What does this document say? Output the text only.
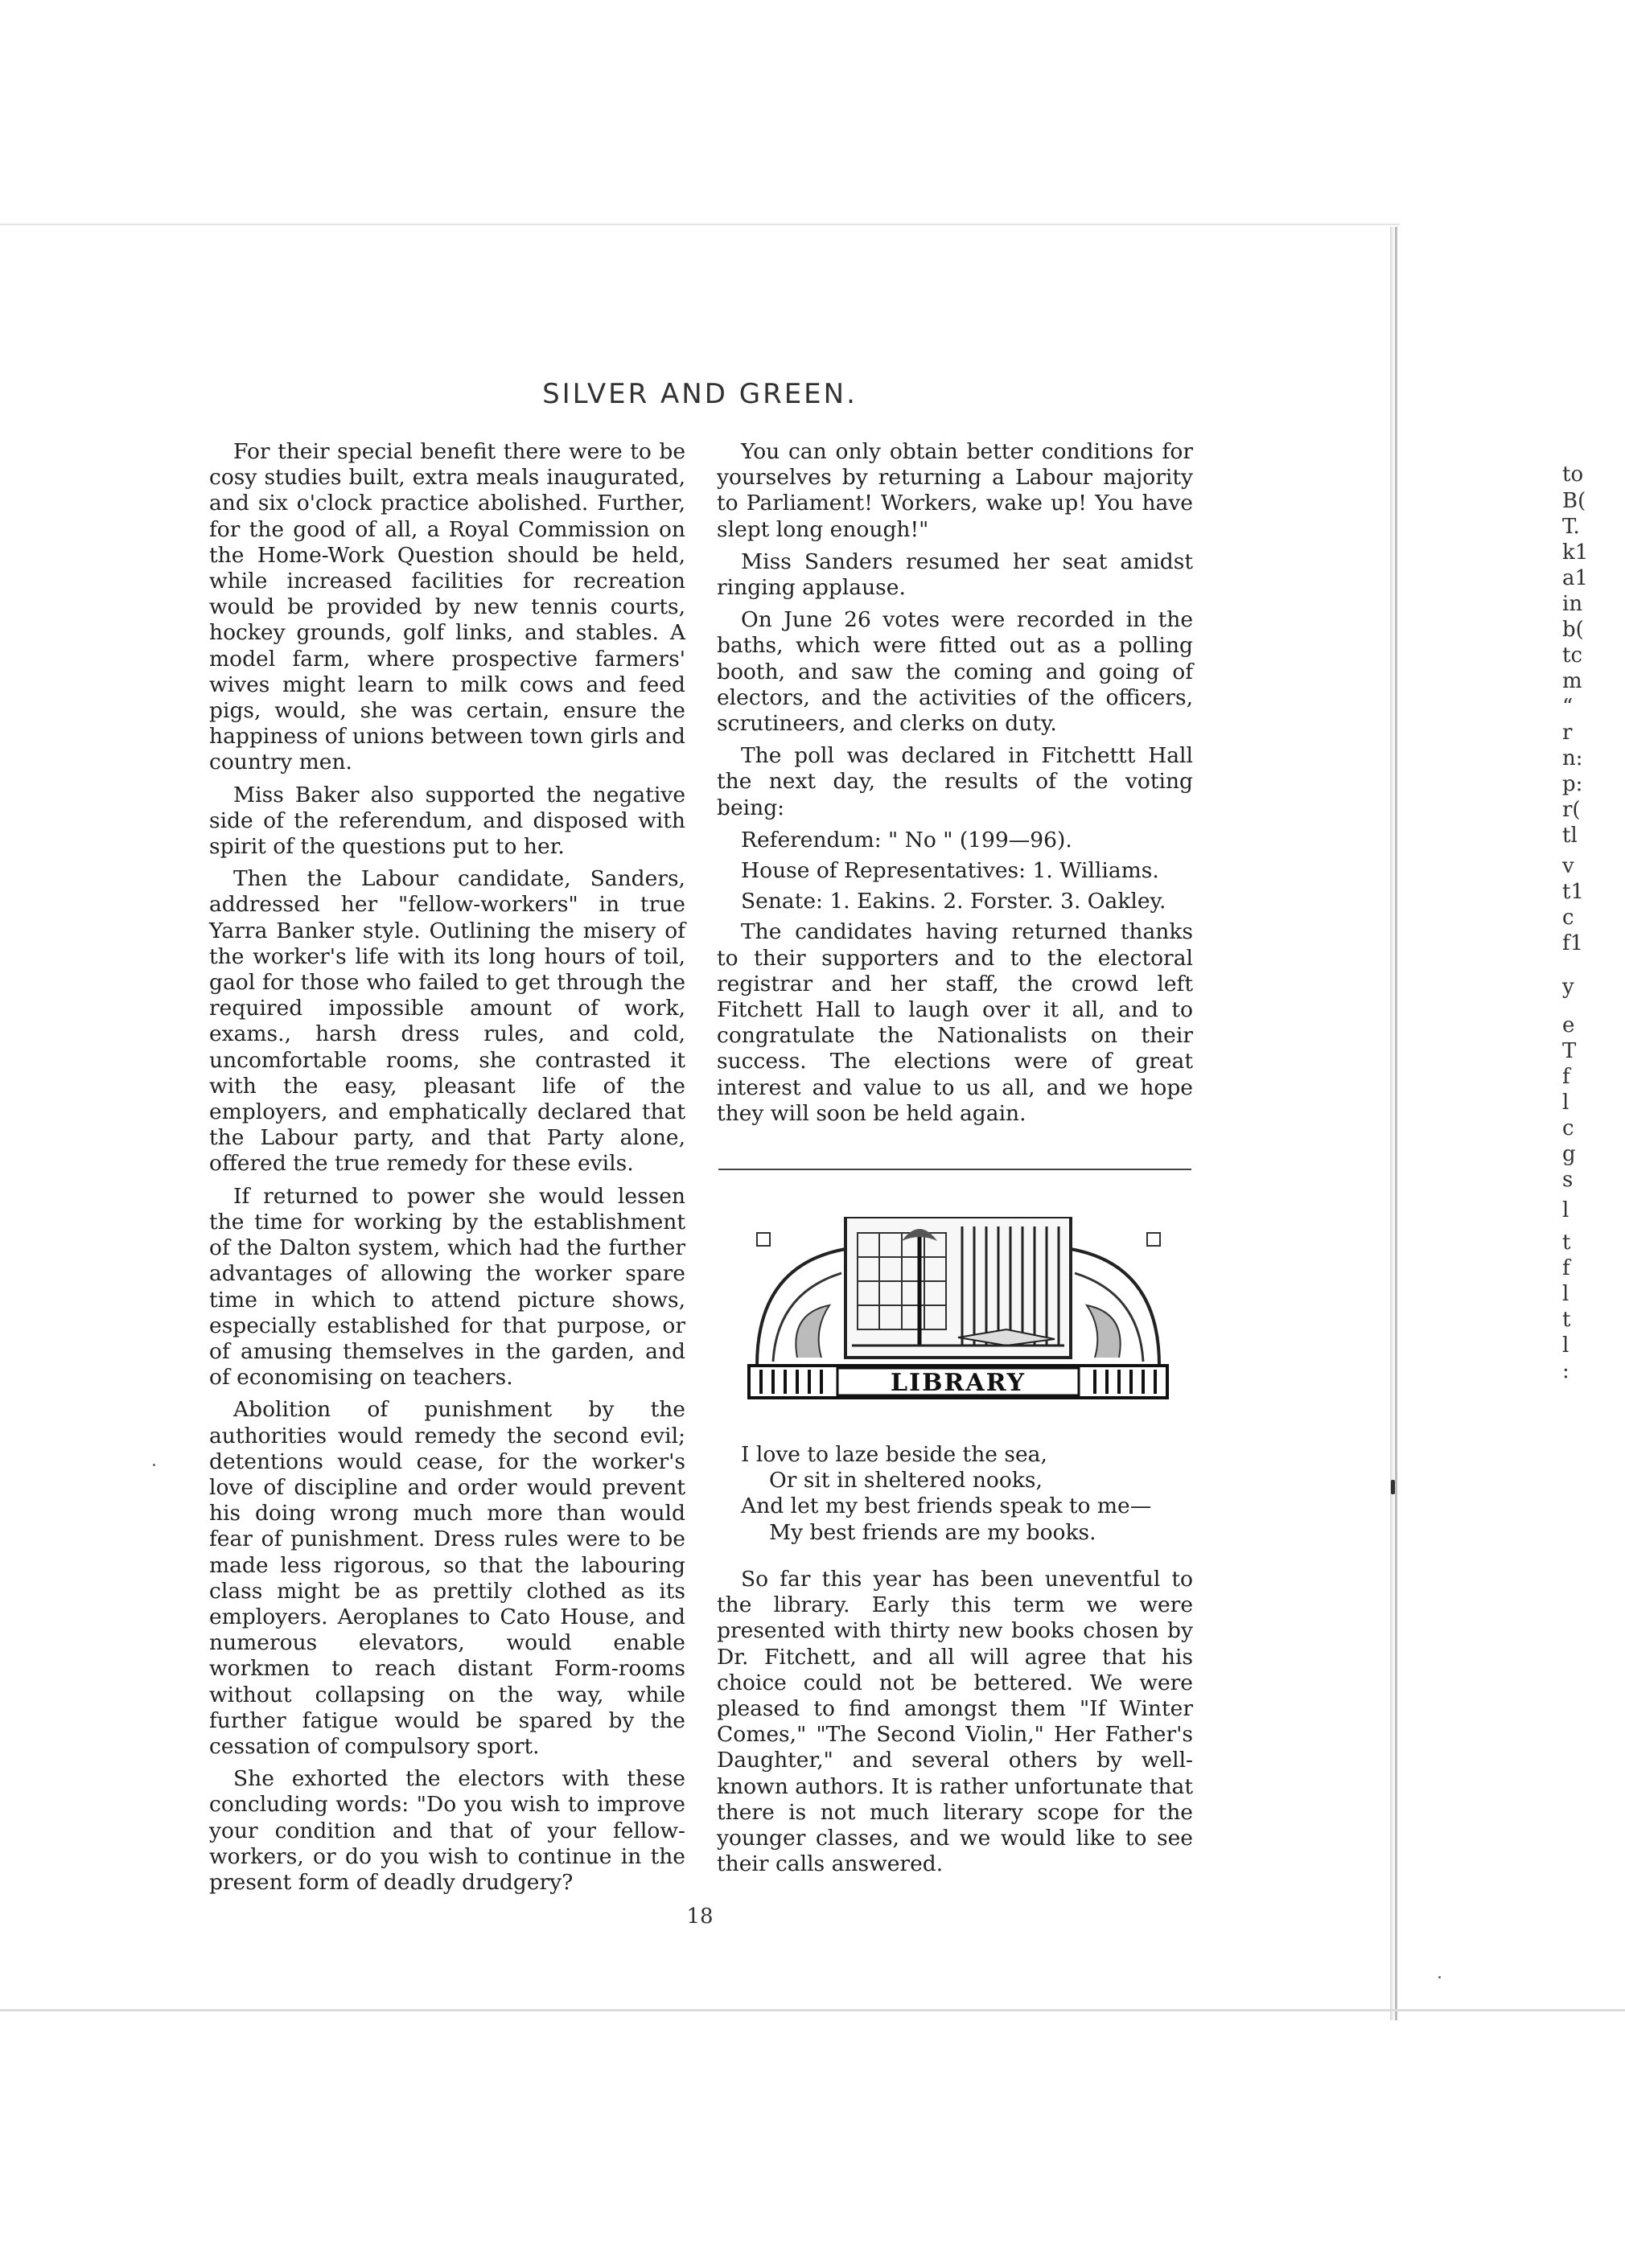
SILVER AND GREEN.

For their special benefit there were to be cosy studies built, extra meals inaugurated, and six o'clock practice abolished. Further, for the good of all, a Royal Commission on the Home-Work Question should be held, while increased facilities for recreation would be provided by new tennis courts, hockey grounds, golf links, and stables. A model farm, where prospective farmers' wives might learn to milk cows and feed pigs, would, she was certain, ensure the happiness of unions between town girls and country men.

Miss Baker also supported the negative side of the referendum, and disposed with spirit of the questions put to her.

Then the Labour candidate, Sanders, addressed her "fellow-workers" in true Yarra Banker style. Outlining the misery of the worker's life with its long hours of toil, gaol for those who failed to get through the required impossible amount of work, exams., harsh dress rules, and cold, uncomfortable rooms, she contrasted it with the easy, pleasant life of the employers, and emphatically declared that the Labour party, and that Party alone, offered the true remedy for these evils.

If returned to power she would lessen the time for working by the establishment of the Dalton system, which had the further advantages of allowing the worker spare time in which to attend picture shows, especially established for that purpose, or of amusing themselves in the garden, and of economising on teachers.

Abolition of punishment by the authorities would remedy the second evil; detentions would cease, for the worker's love of discipline and order would prevent his doing wrong much more than would fear of punishment. Dress rules were to be made less rigorous, so that the labouring class might be as prettily clothed as its employers. Aeroplanes to Cato House, and numerous elevators, would enable workmen to reach distant Form-rooms without collapsing on the way, while further fatigue would be spared by the cessation of compulsory sport.

She exhorted the electors with these concluding words: "Do you wish to improve your condition and that of your fellow-workers, or do you wish to continue in the present form of deadly drudgery?

You can only obtain better conditions for yourselves by returning a Labour majority to Parliament! Workers, wake up! You have slept long enough!"

Miss Sanders resumed her seat amidst ringing applause.

On June 26 votes were recorded in the baths, which were fitted out as a polling booth, and saw the coming and going of electors, and the activities of the officers, scrutineers, and clerks on duty.

The poll was declared in Fitchettt Hall the next day, the results of the voting being:

Referendum: " No " (199—96).

House of Representatives: 1. Williams.

Senate: 1. Eakins. 2. Forster. 3. Oakley.

The candidates having returned thanks to their supporters and to the electoral registrar and her staff, the crowd left Fitchett Hall to laugh over it all, and to congratulate the Nationalists on their success. The elections were of great interest and value to us all, and we hope they will soon be held again.

LIBRARY
I love to laze beside the sea,
Or sit in sheltered nooks,
And let my best friends speak to me—
My best friends are my books.

So far this year has been uneventful to the library. Early this term we were presented with thirty new books chosen by Dr. Fitchett, and all will agree that his choice could not be bettered. We were pleased to find amongst them "If Winter Comes," "The Second Violin," Her Father's Daughter," and several others by well-known authors. It is rather unfortunate that there is not much literary scope for the younger classes, and we would like to see their calls answered.

18
to
B(
T.
k1
a1
in
b(
tc
m
“
r
n:
p:
r(
tl
v
t1
c
f1
y
e
T
f
l
c
g
s
l
t
f
l
t
l
:
